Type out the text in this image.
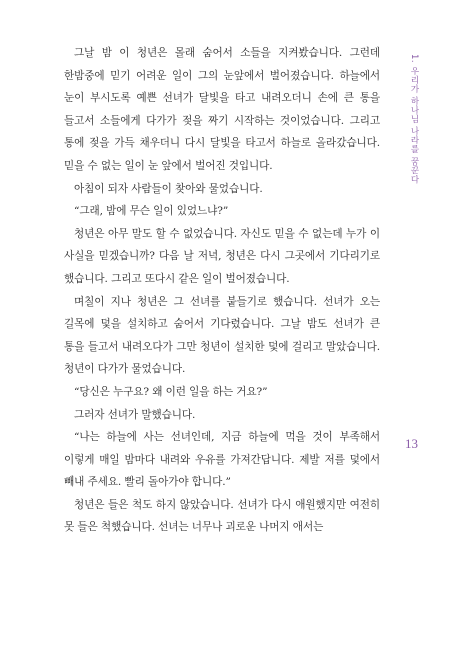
그날 밤 이 청년은 몰래 숨어서 소들을 지켜봤습니다. 그런데 한밤중에 믿기 어려운 일이 그의 눈앞에서 벌어졌습니다. 하늘에서 눈이 부시도록 예쁜 선녀가 달빛을 타고 내려오더니 손에 큰 통을 들고서 소들에게 다가가 젖을 짜기 시작하는 것이었습니다. 그리고 통에 젖을 가득 채우더니 다시 달빛을 타고서 하늘로 올라갔습니다. 믿을 수 없는 일이 눈 앞에서 벌어진 것입니다.

아침이 되자 사람들이 찾아와 물었습니다.

“그래, 밤에 무슨 일이 있었느냐?”

청년은 아무 말도 할 수 없었습니다. 자신도 믿을 수 없는데 누가 이 사실을 믿겠습니까? 다음 날 저녁, 청년은 다시 그곳에서 기다리기로 했습니다. 그리고 또다시 같은 일이 벌어졌습니다.

며칠이 지나 청년은 그 선녀를 붙들기로 했습니다. 선녀가 오는 길목에 덫을 설치하고 숨어서 기다렸습니다. 그날 밤도 선녀가 큰 통을 들고서 내려오다가 그만 청년이 설치한 덫에 걸리고 말았습니다. 청년이 다가가 물었습니다.

“당신은 누구요? 왜 이런 일을 하는 거요?”

그러자 선녀가 말했습니다.

“나는 하늘에 사는 선녀인데, 지금 하늘에 먹을 것이 부족해서 이렇게 매일 밤마다 내려와 우유를 가져간답니다. 제발 저를 덫에서 빼내 주세요. 빨리 돌아가야 합니다.”

청년은 들은 척도 하지 않았습니다. 선녀가 다시 애원했지만 여전히 못 들은 척했습니다. 선녀는 너무나 괴로운 나머지 애서는

1. 우리가 하나님 나라를 꿈꾼다
13
